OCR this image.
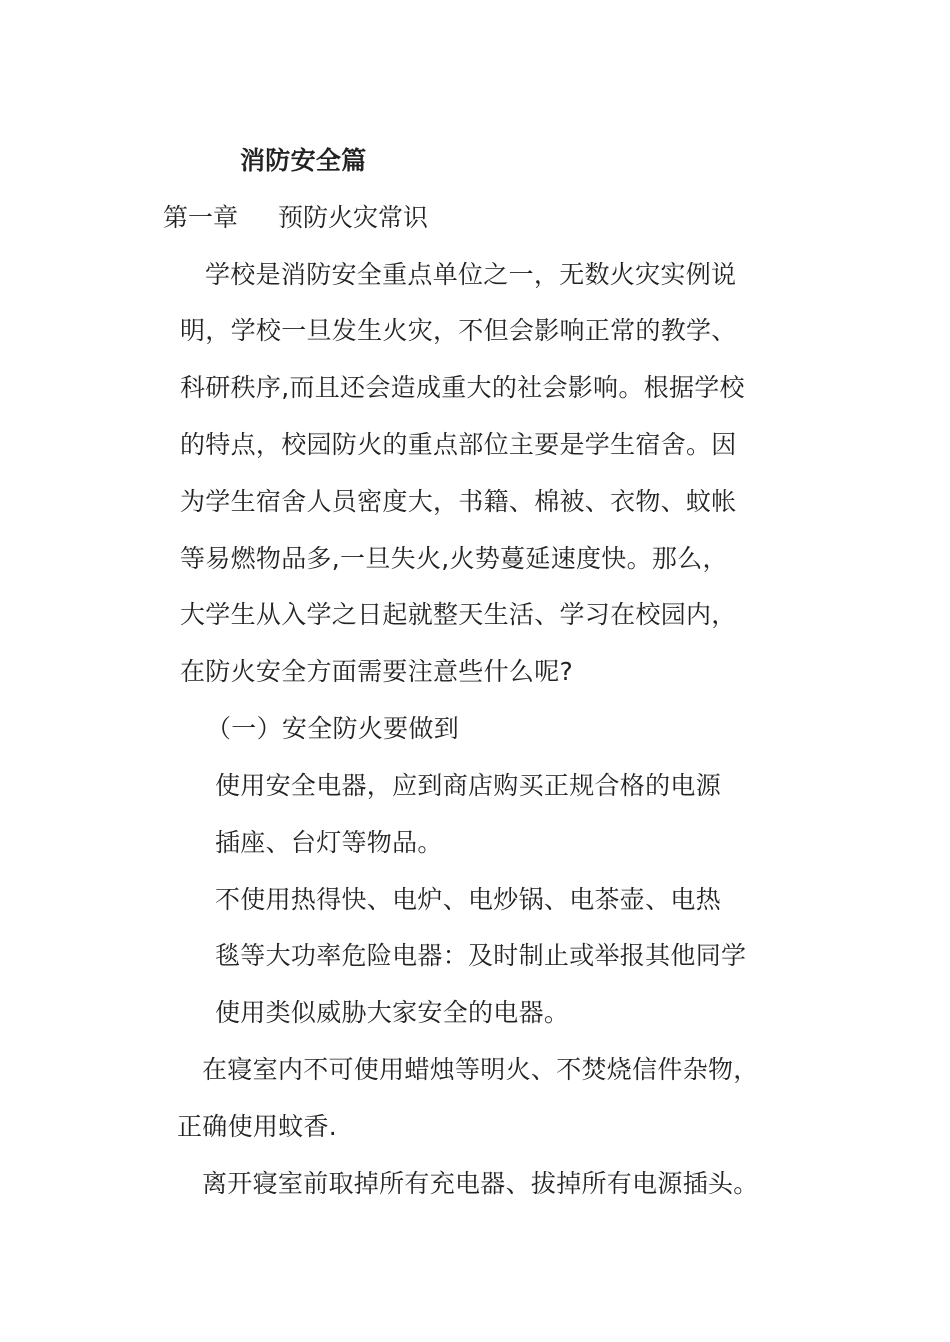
消防安全篇
第一章 预防火灾常识
学校是消防安全重点单位之一，无数火灾实例说
明，学校一旦发生火灾，不但会影响正常的教学、
科研秩序,而且还会造成重大的社会影响。根据学校
的特点，校园防火的重点部位主要是学生宿舍。因
为学生宿舍人员密度大，书籍、棉被、衣物、蚊帐
等易燃物品多,一旦失火,火势蔓延速度快。那么，
大学生从入学之日起就整天生活、学习在校园内，
在防火安全方面需要注意些什么呢?
（一）安全防火要做到
使用安全电器，应到商店购买正规合格的电源
插座、台灯等物品。
不使用热得快、电炉、电炒锅、电茶壶、电热
毯等大功率危险电器：及时制止或举报其他同学
使用类似威胁大家安全的电器。
在寝室内不可使用蜡烛等明火、不焚烧信件杂物，
正确使用蚊香.
离开寝室前取掉所有充电器、拔掉所有电源插头。
